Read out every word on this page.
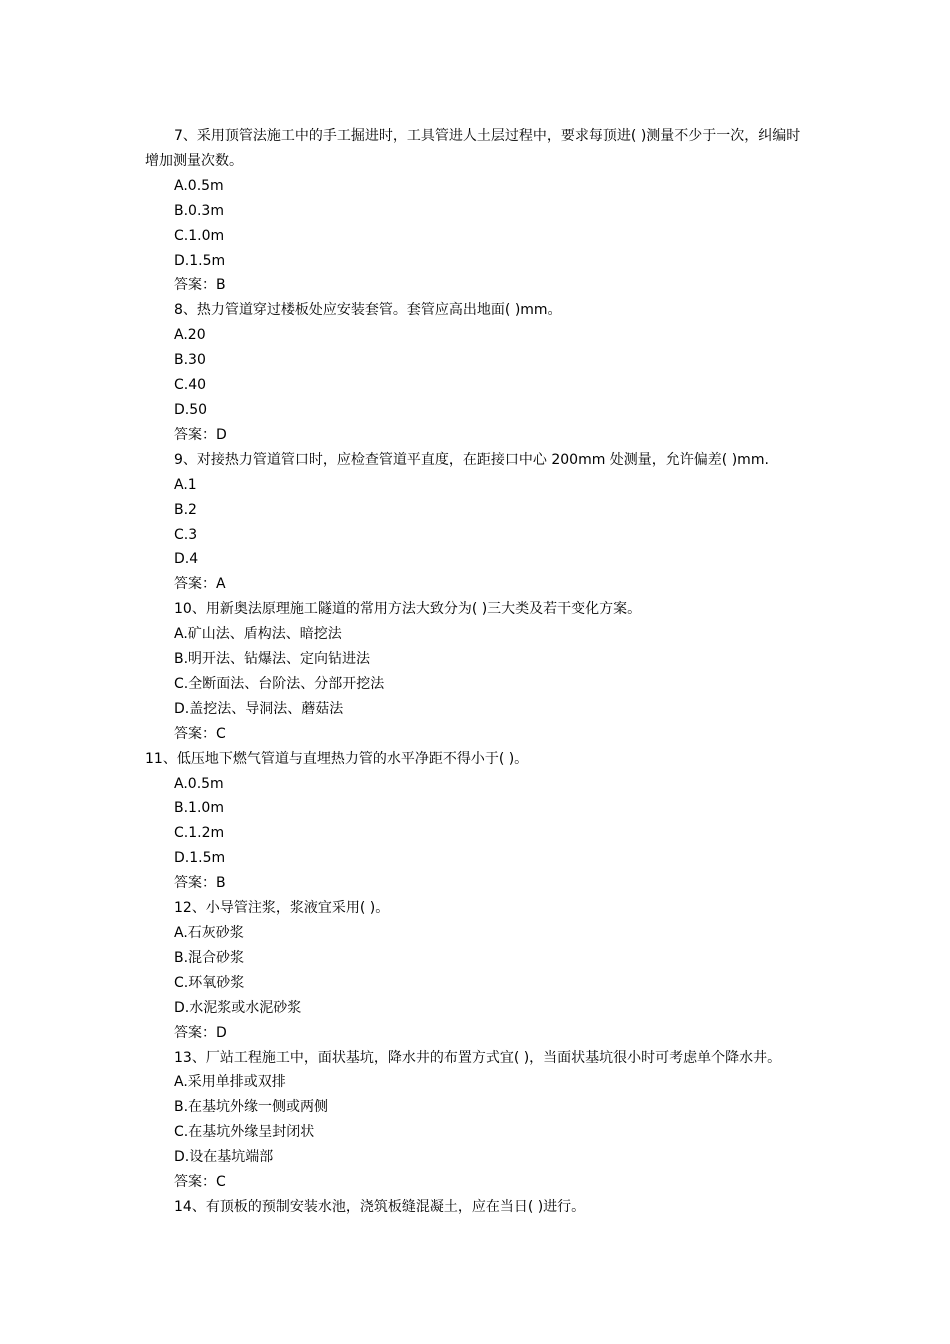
7、采用顶管法施工中的手工掘进时，工具管进人土层过程中，要求每顶进( )测量不少于一次，纠编时增加测量次数。
A.0.5m
B.0.3m
C.1.0m
D.1.5m
答案：B
8、热力管道穿过楼板处应安装套管。套管应高出地面( )mm。
A.20
B.30
C.40
D.50
答案：D
9、对接热力管道管口时，应检查管道平直度，在距接口中心 200mm 处测量，允许偏差( )mm.
A.1
B.2
C.3
D.4
答案：A
10、用新奥法原理施工隧道的常用方法大致分为( )三大类及若干变化方案。
A.矿山法、盾构法、暗挖法
B.明开法、钻爆法、定向钻进法
C.全断面法、台阶法、分部开挖法
D.盖挖法、导洞法、蘑菇法
答案：C
11、低压地下燃气管道与直埋热力管的水平净距不得小于( )。
A.0.5m
B.1.0m
C.1.2m
D.1.5m
答案：B
12、小导管注浆，浆液宜采用( )。
A.石灰砂浆
B.混合砂浆
C.环氧砂浆
D.水泥浆或水泥砂浆
答案：D
13、厂站工程施工中，面状基坑，降水井的布置方式宜( )，当面状基坑很小时可考虑单个降水井。
A.采用单排或双排
B.在基坑外缘一侧或两侧
C.在基坑外缘呈封闭状
D.设在基坑端部
答案：C
14、有顶板的预制安装水池，浇筑板缝混凝土，应在当日( )进行。
